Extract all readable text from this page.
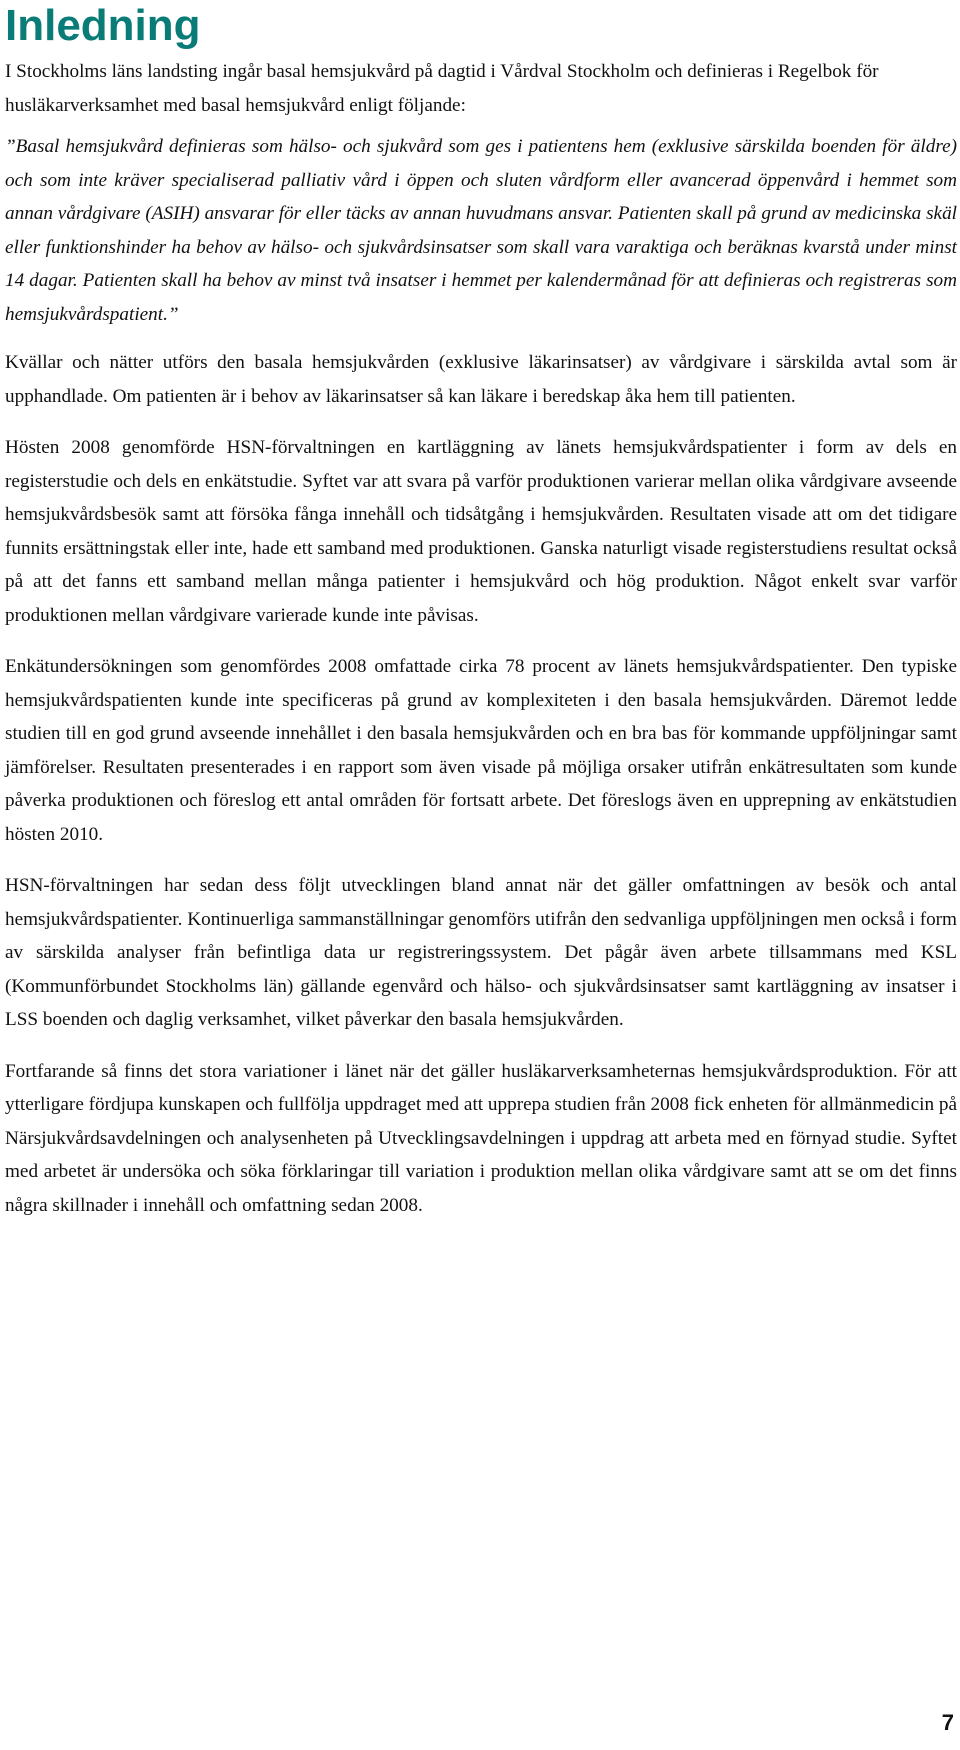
Inledning

I Stockholms läns landsting ingår basal hemsjukvård på dagtid i Vårdval Stockholm och definieras i Regelbok för husläkarverksamhet med basal hemsjukvård enligt följande:

”Basal hemsjukvård definieras som hälso- och sjukvård som ges i patientens hem (exklusive särskilda boenden för äldre) och som inte kräver specialiserad palliativ vård i öppen och sluten vårdform eller avancerad öppenvård i hemmet som annan vårdgivare (ASIH) ansvarar för eller täcks av annan huvudmans ansvar. Patienten skall på grund av medicinska skäl eller funktionshinder ha behov av hälso- och sjukvårdsinsatser som skall vara varaktiga och beräknas kvarstå under minst 14 dagar. Patienten skall ha behov av minst två insatser i hemmet per kalendermånad för att definieras och registreras som hemsjukvårdspatient.”

Kvällar och nätter utförs den basala hemsjukvården (exklusive läkarinsatser) av vårdgivare i särskilda avtal som är upphandlade. Om patienten är i behov av läkarinsatser så kan läkare i beredskap åka hem till patienten.

Hösten 2008 genomförde HSN-förvaltningen en kartläggning av länets hemsjukvårdspatienter i form av dels en registerstudie och dels en enkätstudie. Syftet var att svara på varför produktionen varierar mellan olika vårdgivare avseende hemsjukvårdsbesök samt att försöka fånga innehåll och tidsåtgång i hemsjukvården. Resultaten visade att om det tidigare funnits ersättningstak eller inte, hade ett samband med produktionen. Ganska naturligt visade registerstudiens resultat också på att det fanns ett samband mellan många patienter i hemsjukvård och hög produktion. Något enkelt svar varför produktionen mellan vårdgivare varierade kunde inte påvisas.

Enkätundersökningen som genomfördes 2008 omfattade cirka 78 procent av länets hemsjukvårdspatienter. Den typiske hemsjukvårdspatienten kunde inte specificeras på grund av komplexiteten i den basala hemsjukvården. Däremot ledde studien till en god grund avseende innehållet i den basala hemsjukvården och en bra bas för kommande uppföljningar samt jämförelser. Resultaten presenterades i en rapport som även visade på möjliga orsaker utifrån enkätresultaten som kunde påverka produktionen och föreslog ett antal områden för fortsatt arbete. Det föreslogs även en upprepning av enkätstudien hösten 2010.

HSN-förvaltningen har sedan dess följt utvecklingen bland annat när det gäller omfattningen av besök och antal hemsjukvårdspatienter. Kontinuerliga sammanställningar genomförs utifrån den sedvanliga uppföljningen men också i form av särskilda analyser från befintliga data ur registreringssystem. Det pågår även arbete tillsammans med KSL (Kommunförbundet Stockholms län) gällande egenvård och hälso- och sjukvårdsinsatser samt kartläggning av insatser i LSS boenden och daglig verksamhet, vilket påverkar den basala hemsjukvården.

Fortfarande så finns det stora variationer i länet när det gäller husläkarverksamheternas hemsjukvårdsproduktion. För att ytterligare fördjupa kunskapen och fullfölja uppdraget med att upprepa studien från 2008 fick enheten för allmänmedicin på Närsjukvårdsavdelningen och analysenheten på Utvecklingsavdelningen i uppdrag att arbeta med en förnyad studie. Syftet med arbetet är undersöka och söka förklaringar till variation i produktion mellan olika vårdgivare samt att se om det finns några skillnader i innehåll och omfattning sedan 2008.

7
